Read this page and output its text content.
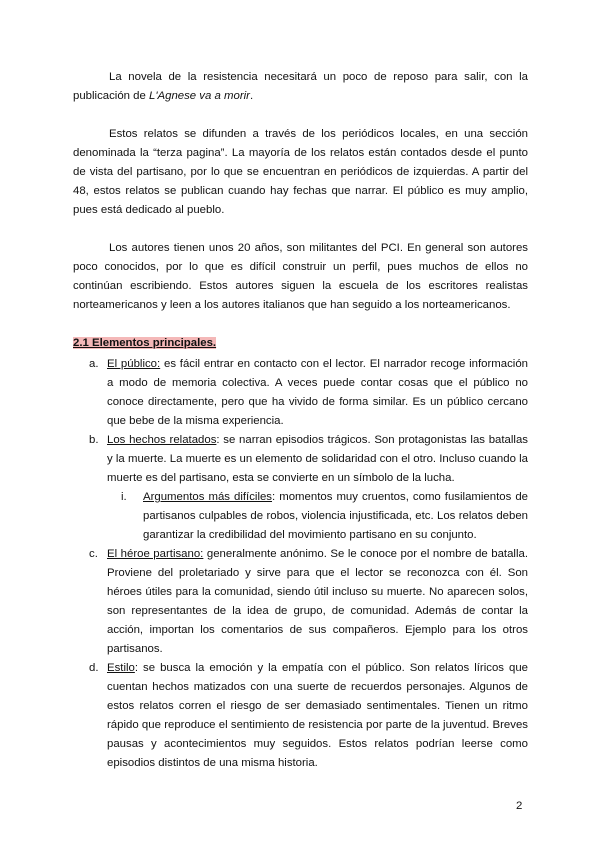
La novela de la resistencia necesitará un poco de reposo para salir, con la publicación de L'Agnese va a morir.

Estos relatos se difunden a través de los periódicos locales, en una sección denominada la “terza pagina”. La mayoría de los relatos están contados desde el punto de vista del partisano, por lo que se encuentran en periódicos de izquierdas. A partir del 48, estos relatos se publican cuando hay fechas que narrar. El público es muy amplio, pues está dedicado al pueblo.

Los autores tienen unos 20 años, son militantes del PCI. En general son autores poco conocidos, por lo que es difícil construir un perfil, pues muchos de ellos no continúan escribiendo. Estos autores siguen la escuela de los escritores realistas norteamericanos y leen a los autores italianos que han seguido a los norteamericanos.

2.1 Elementos principales.
a. El público: es fácil entrar en contacto con el lector. El narrador recoge información a modo de memoria colectiva. A veces puede contar cosas que el público no conoce directamente, pero que ha vivido de forma similar. Es un público cercano que bebe de la misma experiencia.
b. Los hechos relatados: se narran episodios trágicos. Son protagonistas las batallas y la muerte. La muerte es un elemento de solidaridad con el otro. Incluso cuando la muerte es del partisano, esta se convierte en un símbolo de la lucha.
i. Argumentos más difíciles: momentos muy cruentos, como fusilamientos de partisanos culpables de robos, violencia injustificada, etc. Los relatos deben garantizar la credibilidad del movimiento partisano en su conjunto.
c. El héroe partisano: generalmente anónimo. Se le conoce por el nombre de batalla. Proviene del proletariado y sirve para que el lector se reconozca con él. Son héroes útiles para la comunidad, siendo útil incluso su muerte. No aparecen solos, son representantes de la idea de grupo, de comunidad. Además de contar la acción, importan los comentarios de sus compañeros. Ejemplo para los otros partisanos.
d. Estilo: se busca la emoción y la empatía con el público. Son relatos líricos que cuentan hechos matizados con una suerte de recuerdos personajes. Algunos de estos relatos corren el riesgo de ser demasiado sentimentales. Tienen un ritmo rápido que reproduce el sentimiento de resistencia por parte de la juventud. Breves pausas y acontecimientos muy seguidos. Estos relatos podrían leerse como episodios distintos de una misma historia.
2
